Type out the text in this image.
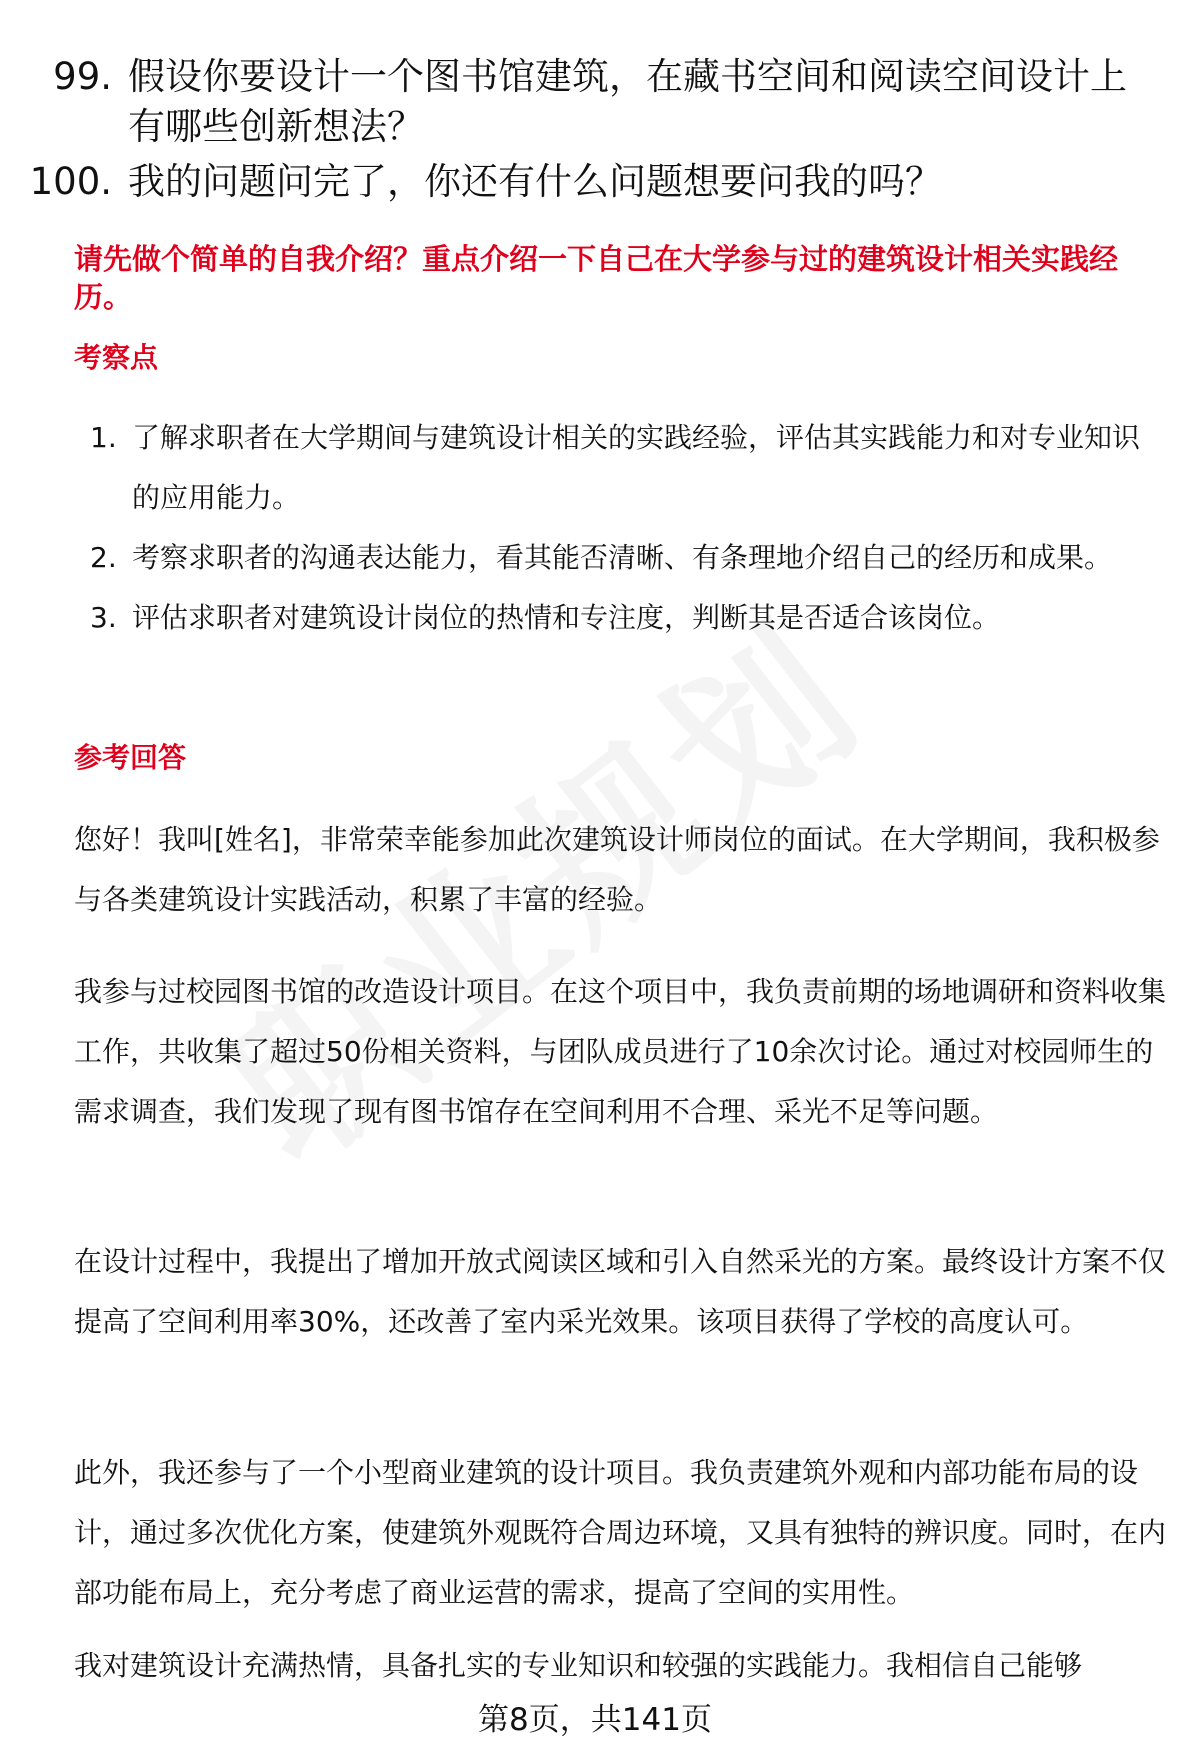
99. 假设你要设计一个图书馆建筑，在藏书空间和阅读空间设计上有哪些创新想法？
100. 我的问题问完了，你还有什么问题想要问我的吗？
请先做个简单的自我介绍？重点介绍一下自己在大学参与过的建筑设计相关实践经历。
考察点
1. 了解求职者在大学期间与建筑设计相关的实践经验，评估其实践能力和对专业知识的应用能力。
2. 考察求职者的沟通表达能力，看其能否清晰、有条理地介绍自己的经历和成果。
3. 评估求职者对建筑设计岗位的热情和专注度，判断其是否适合该岗位。
参考回答
您好！我叫[姓名]，非常荣幸能参加此次建筑设计师岗位的面试。在大学期间，我积极参与各类建筑设计实践活动，积累了丰富的经验。
我参与过校园图书馆的改造设计项目。在这个项目中，我负责前期的场地调研和资料收集工作，共收集了超过50份相关资料，与团队成员进行了10余次讨论。通过对校园师生的需求调查，我们发现了现有图书馆存在空间利用不合理、采光不足等问题。
在设计过程中，我提出了增加开放式阅读区域和引入自然采光的方案。最终设计方案不仅提高了空间利用率30%，还改善了室内采光效果。该项目获得了学校的高度认可。
此外，我还参与了一个小型商业建筑的设计项目。我负责建筑外观和内部功能布局的设计，通过多次优化方案，使建筑外观既符合周边环境，又具有独特的辨识度。同时，在内部功能布局上，充分考虑了商业运营的需求，提高了空间的实用性。
我对建筑设计充满热情，具备扎实的专业知识和较强的实践能力。我相信自己能够
第8页，共141页
